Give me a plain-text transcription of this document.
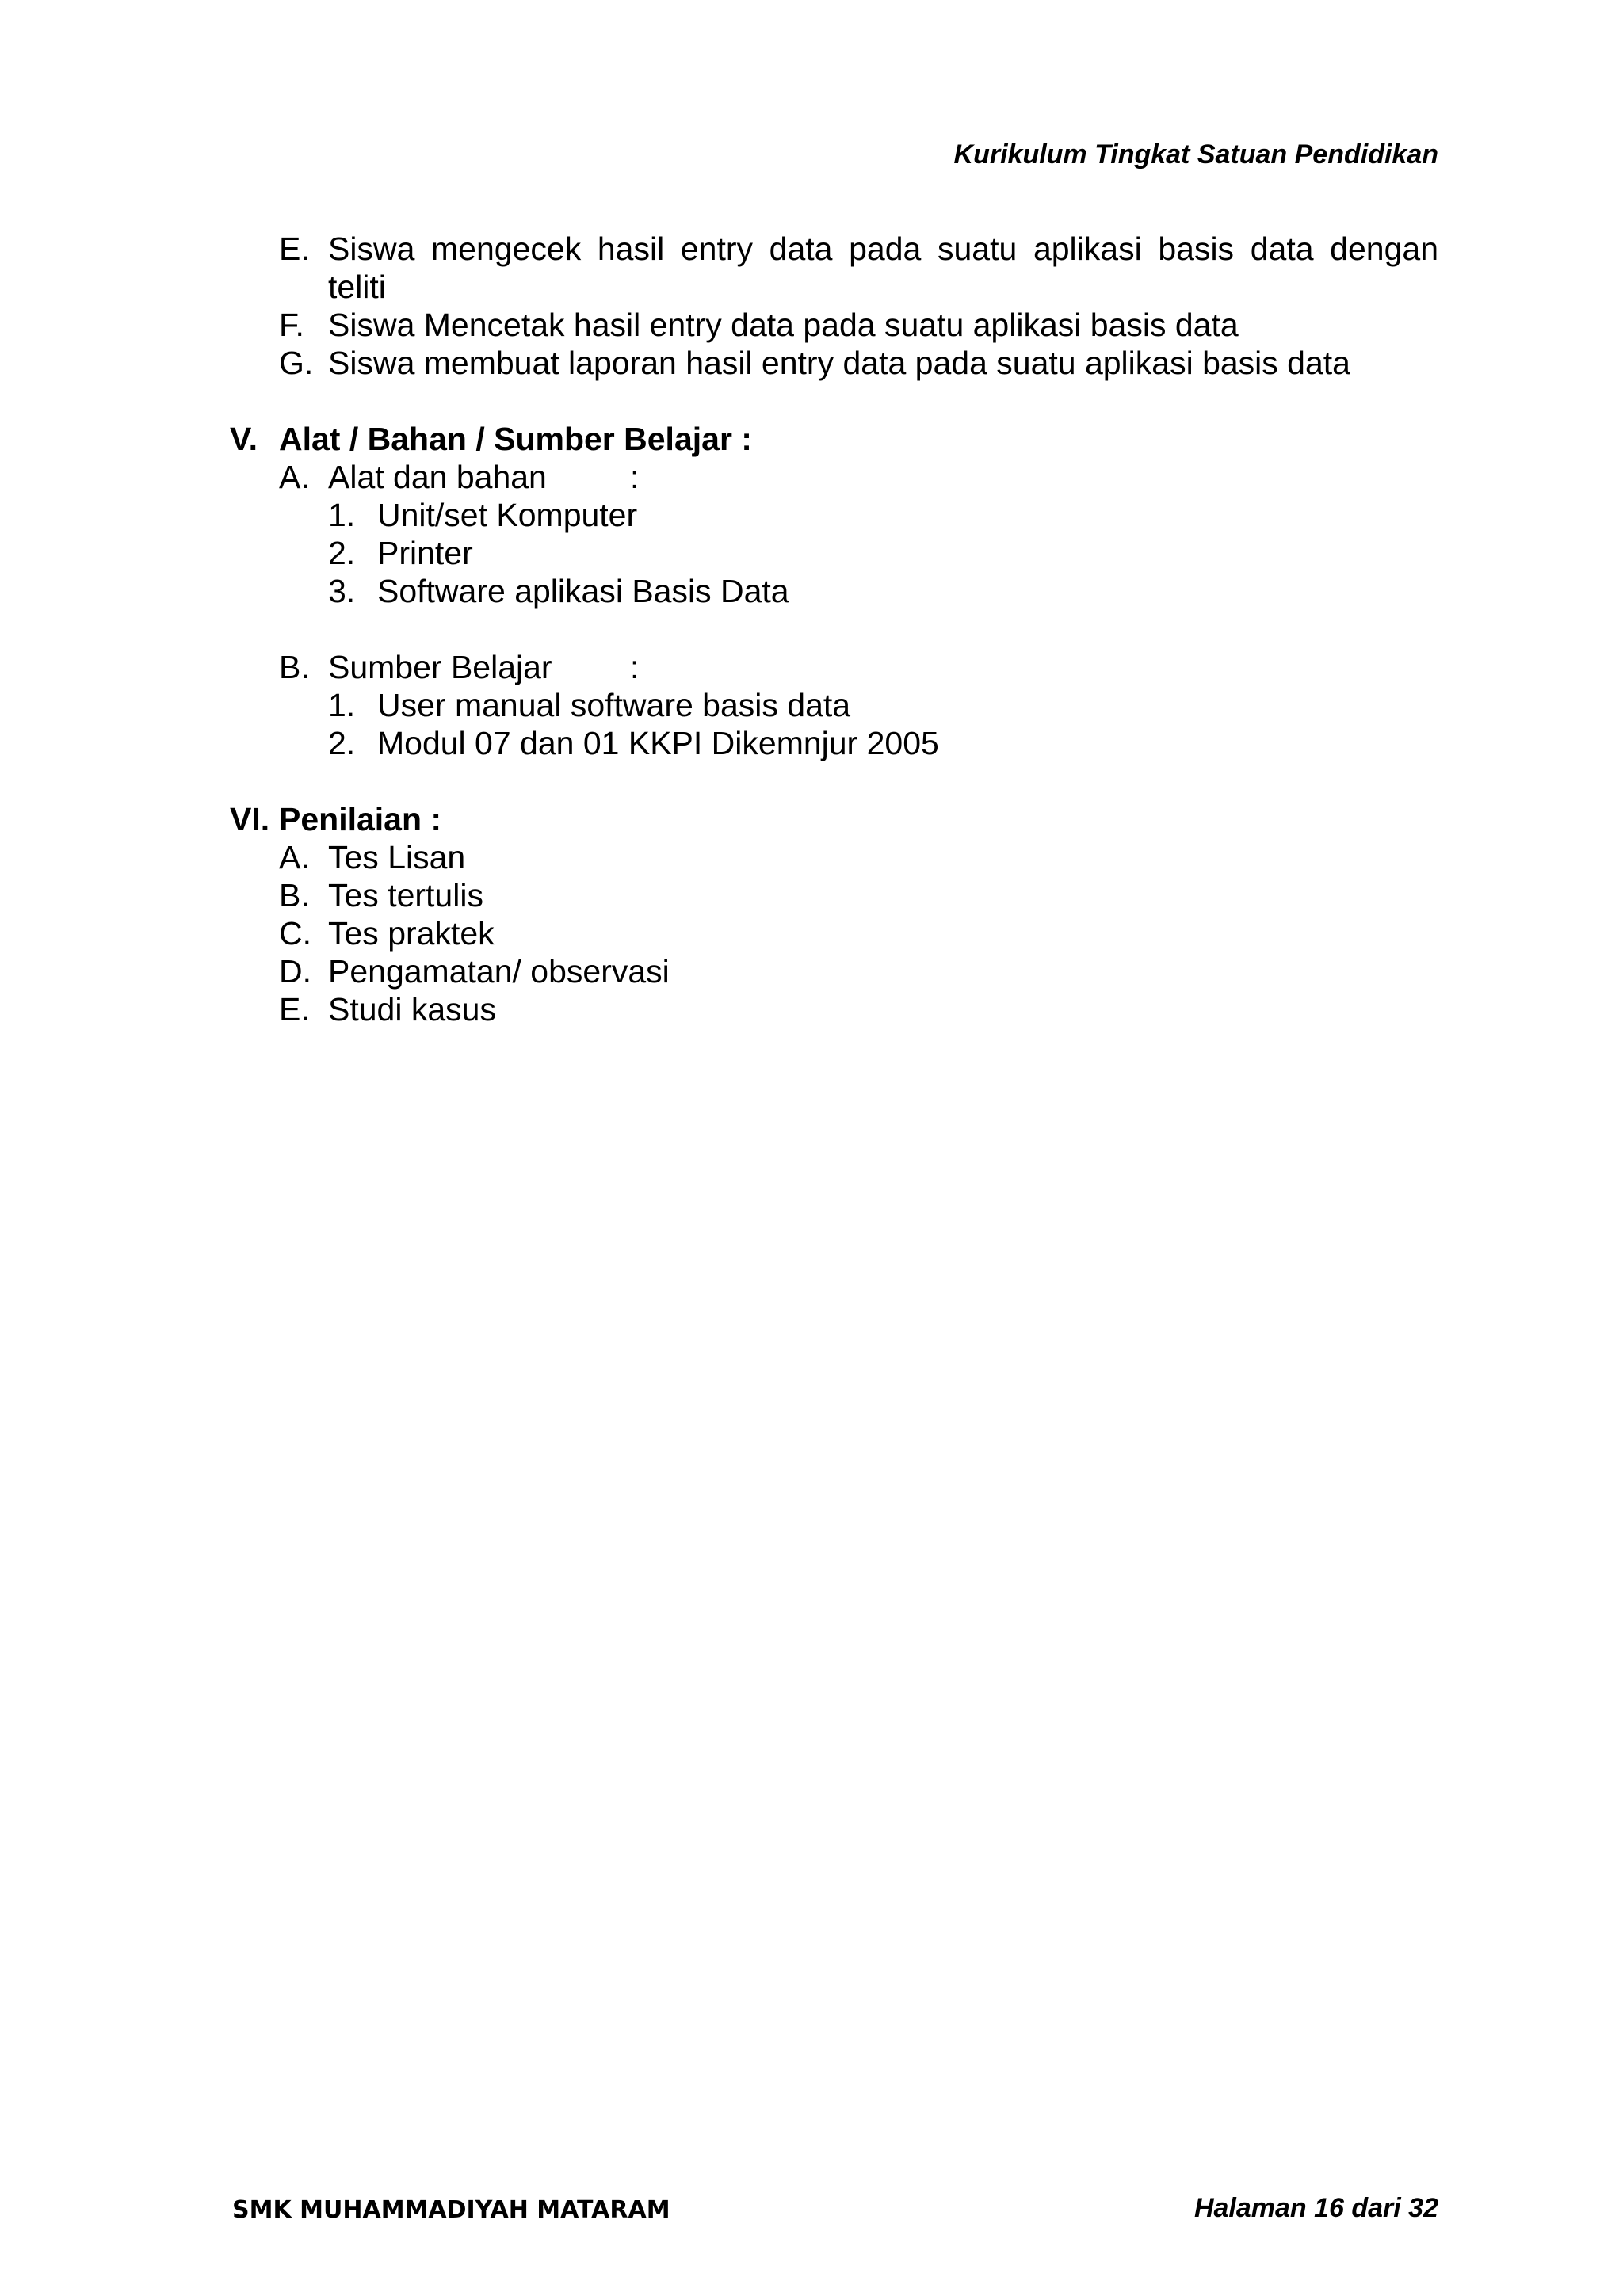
Kurikulum Tingkat Satuan Pendidikan
E. Siswa mengecek hasil entry data pada suatu aplikasi basis data dengan
teliti
F. Siswa Mencetak hasil entry data pada suatu aplikasi basis data
G. Siswa membuat laporan hasil entry data pada suatu aplikasi basis data
V. Alat / Bahan / Sumber Belajar :
A. Alat dan bahan	:
1. Unit/set Komputer
2. Printer
3. Software aplikasi Basis Data
B. Sumber Belajar :
1. User manual software basis data
2. Modul 07 dan 01 KKPI Dikemnjur 2005
VI. Penilaian :
A. Tes Lisan
B. Tes tertulis
C. Tes praktek
D. Pengamatan/ observasi
E. Studi kasus
SMK MUHAMMADIYAH MATARAM	Halaman 16 dari 32
